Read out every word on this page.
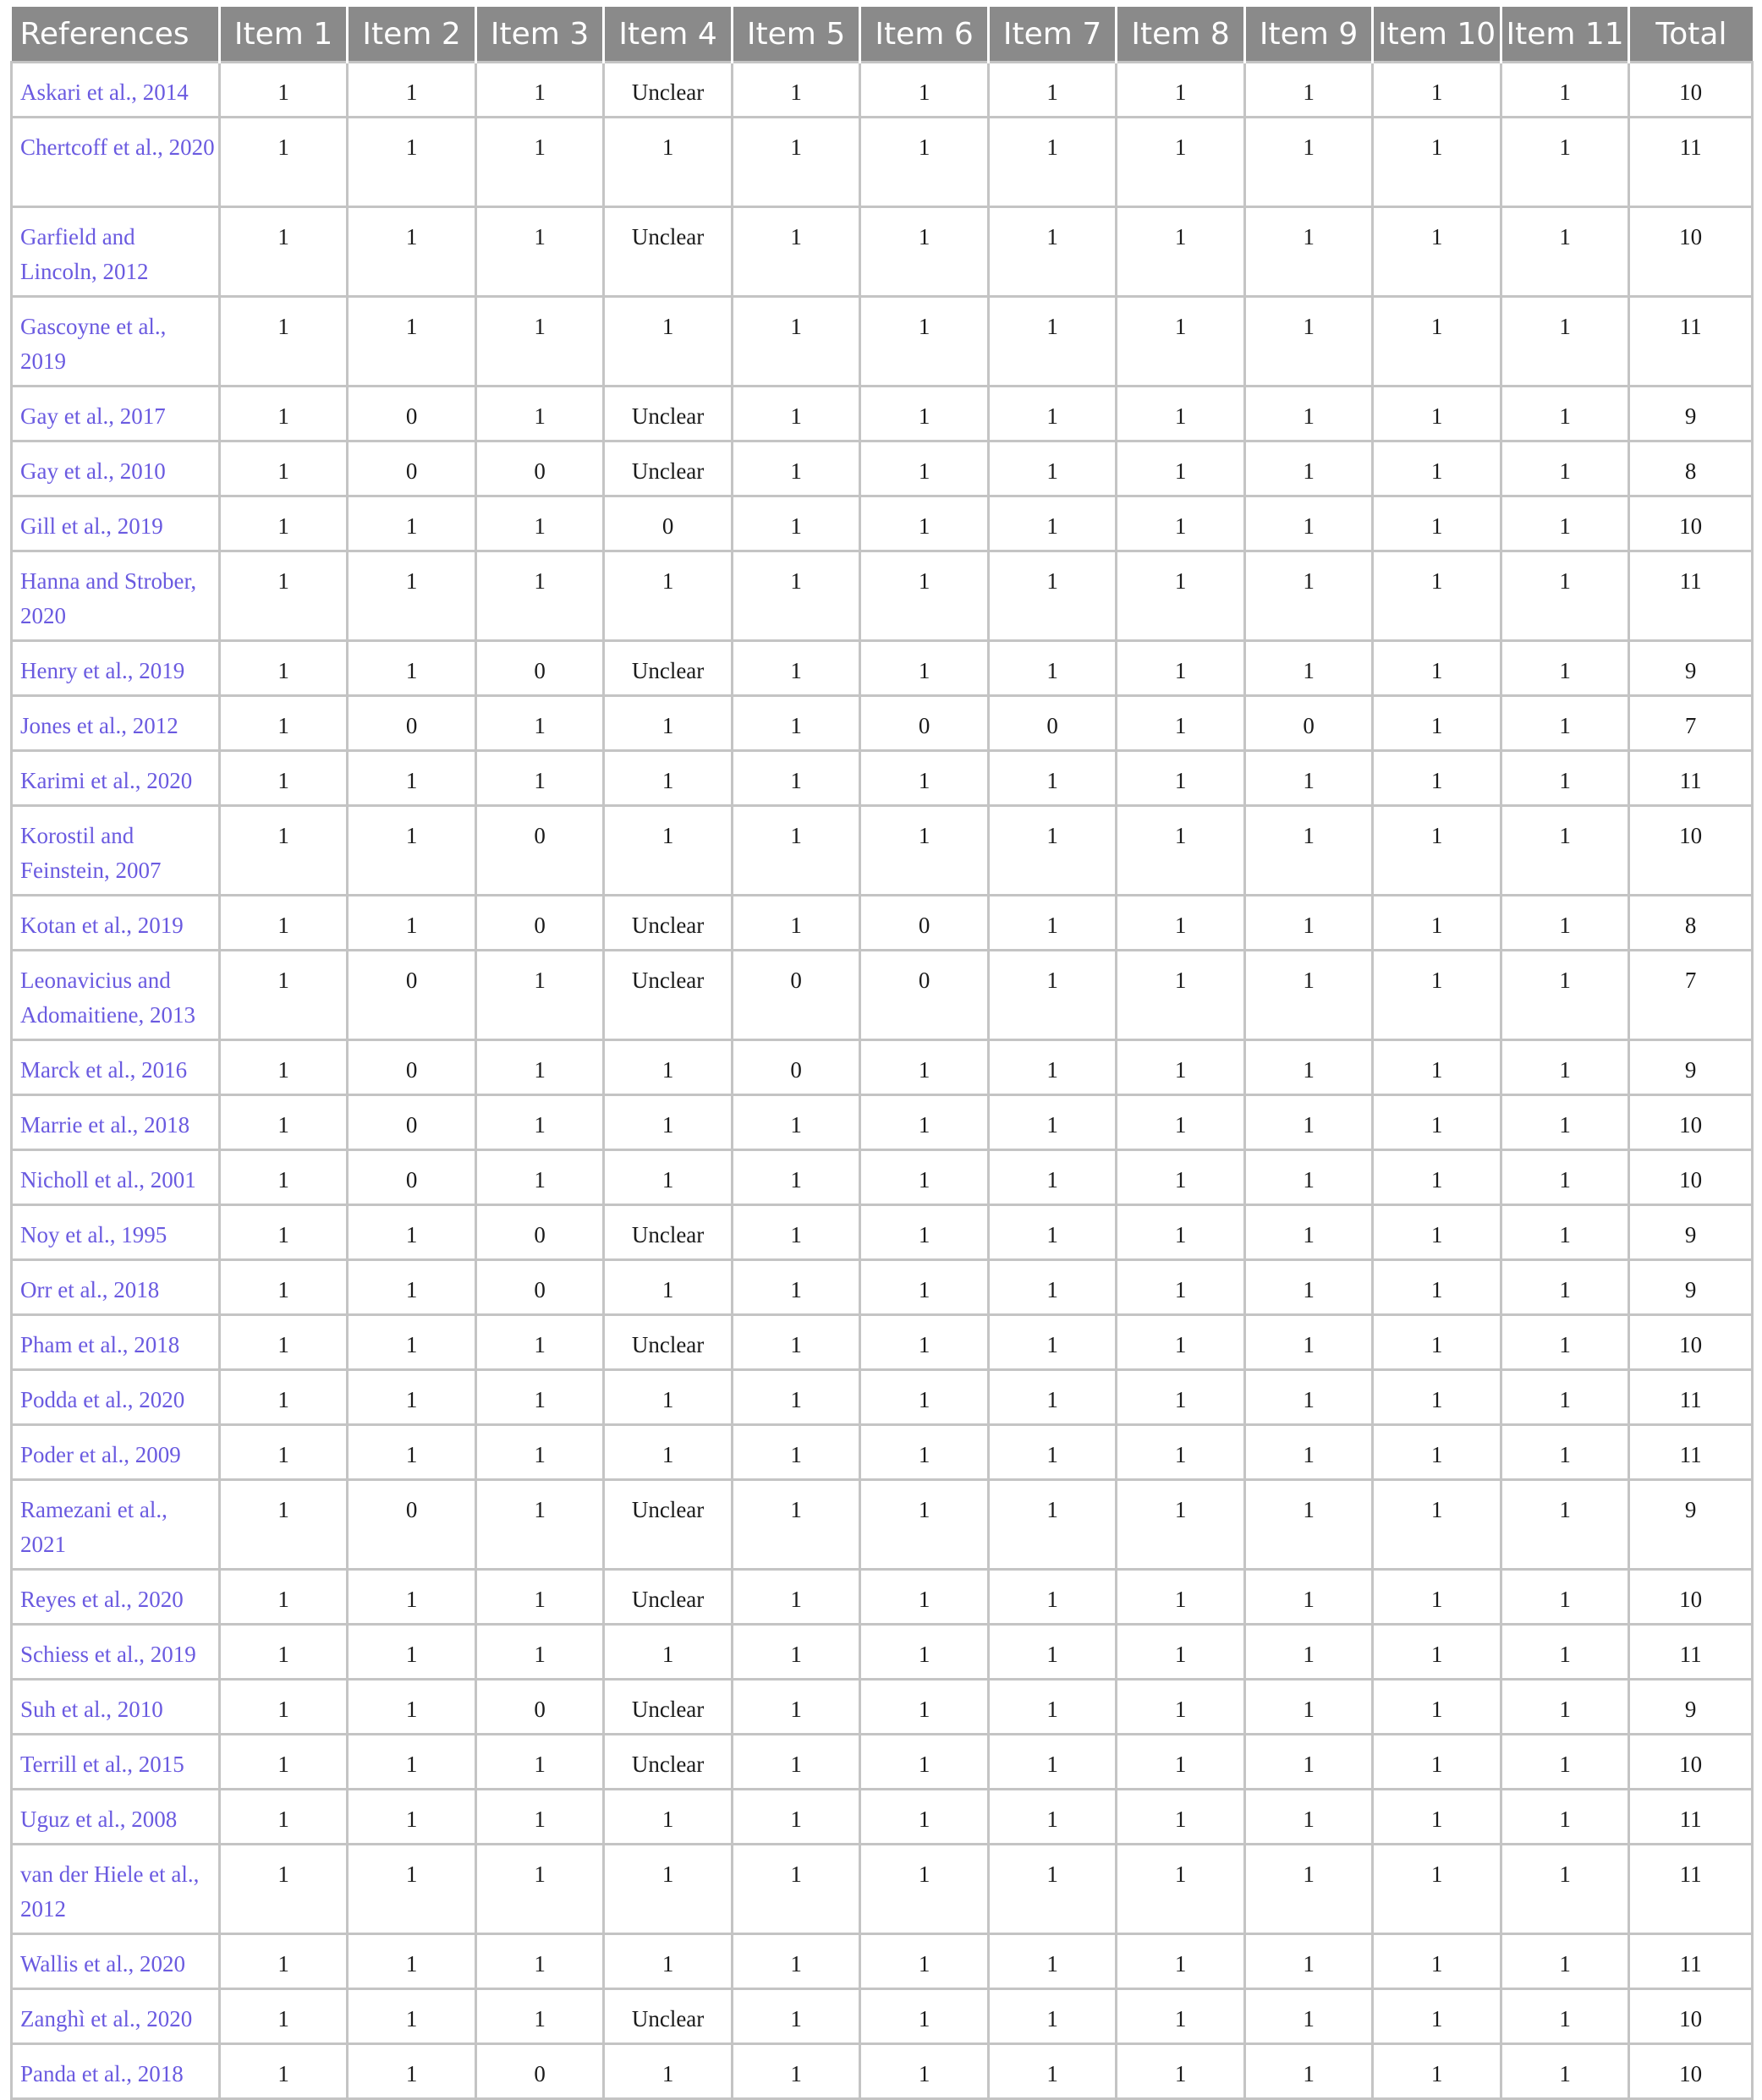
References	Item 1	Item 2	Item 3	Item 4	Item 5	Item 6	Item 7	Item 8	Item 9	Item 10	Item 11	Total
Askari et al., 2014	1	1	1	Unclear	1	1	1	1	1	1	1	10
Chertcoff et al., 2020	1	1	1	1	1	1	1	1	1	1	1	11
Garfield and Lincoln, 2012	1	1	1	Unclear	1	1	1	1	1	1	1	10
Gascoyne et al., 2019	1	1	1	1	1	1	1	1	1	1	1	11
Gay et al., 2017	1	0	1	Unclear	1	1	1	1	1	1	1	9
Gay et al., 2010	1	0	0	Unclear	1	1	1	1	1	1	1	8
Gill et al., 2019	1	1	1	0	1	1	1	1	1	1	1	10
Hanna and Strober, 2020	1	1	1	1	1	1	1	1	1	1	1	11
Henry et al., 2019	1	1	0	Unclear	1	1	1	1	1	1	1	9
Jones et al., 2012	1	0	1	1	1	0	0	1	0	1	1	7
Karimi et al., 2020	1	1	1	1	1	1	1	1	1	1	1	11
Korostil and Feinstein, 2007	1	1	0	1	1	1	1	1	1	1	1	10
Kotan et al., 2019	1	1	0	Unclear	1	0	1	1	1	1	1	8
Leonavicius and Adomaitiene, 2013	1	0	1	Unclear	0	0	1	1	1	1	1	7
Marck et al., 2016	1	0	1	1	0	1	1	1	1	1	1	9
Marrie et al., 2018	1	0	1	1	1	1	1	1	1	1	1	10
Nicholl et al., 2001	1	0	1	1	1	1	1	1	1	1	1	10
Noy et al., 1995	1	1	0	Unclear	1	1	1	1	1	1	1	9
Orr et al., 2018	1	1	0	1	1	1	1	1	1	1	1	9
Pham et al., 2018	1	1	1	Unclear	1	1	1	1	1	1	1	10
Podda et al., 2020	1	1	1	1	1	1	1	1	1	1	1	11
Poder et al., 2009	1	1	1	1	1	1	1	1	1	1	1	11
Ramezani et al., 2021	1	0	1	Unclear	1	1	1	1	1	1	1	9
Reyes et al., 2020	1	1	1	Unclear	1	1	1	1	1	1	1	10
Schiess et al., 2019	1	1	1	1	1	1	1	1	1	1	1	11
Suh et al., 2010	1	1	0	Unclear	1	1	1	1	1	1	1	9
Terrill et al., 2015	1	1	1	Unclear	1	1	1	1	1	1	1	10
Uguz et al., 2008	1	1	1	1	1	1	1	1	1	1	1	11
van der Hiele et al., 2012	1	1	1	1	1	1	1	1	1	1	1	11
Wallis et al., 2020	1	1	1	1	1	1	1	1	1	1	1	11
Zanghì et al., 2020	1	1	1	Unclear	1	1	1	1	1	1	1	10
Panda et al., 2018	1	1	0	1	1	1	1	1	1	1	1	10
